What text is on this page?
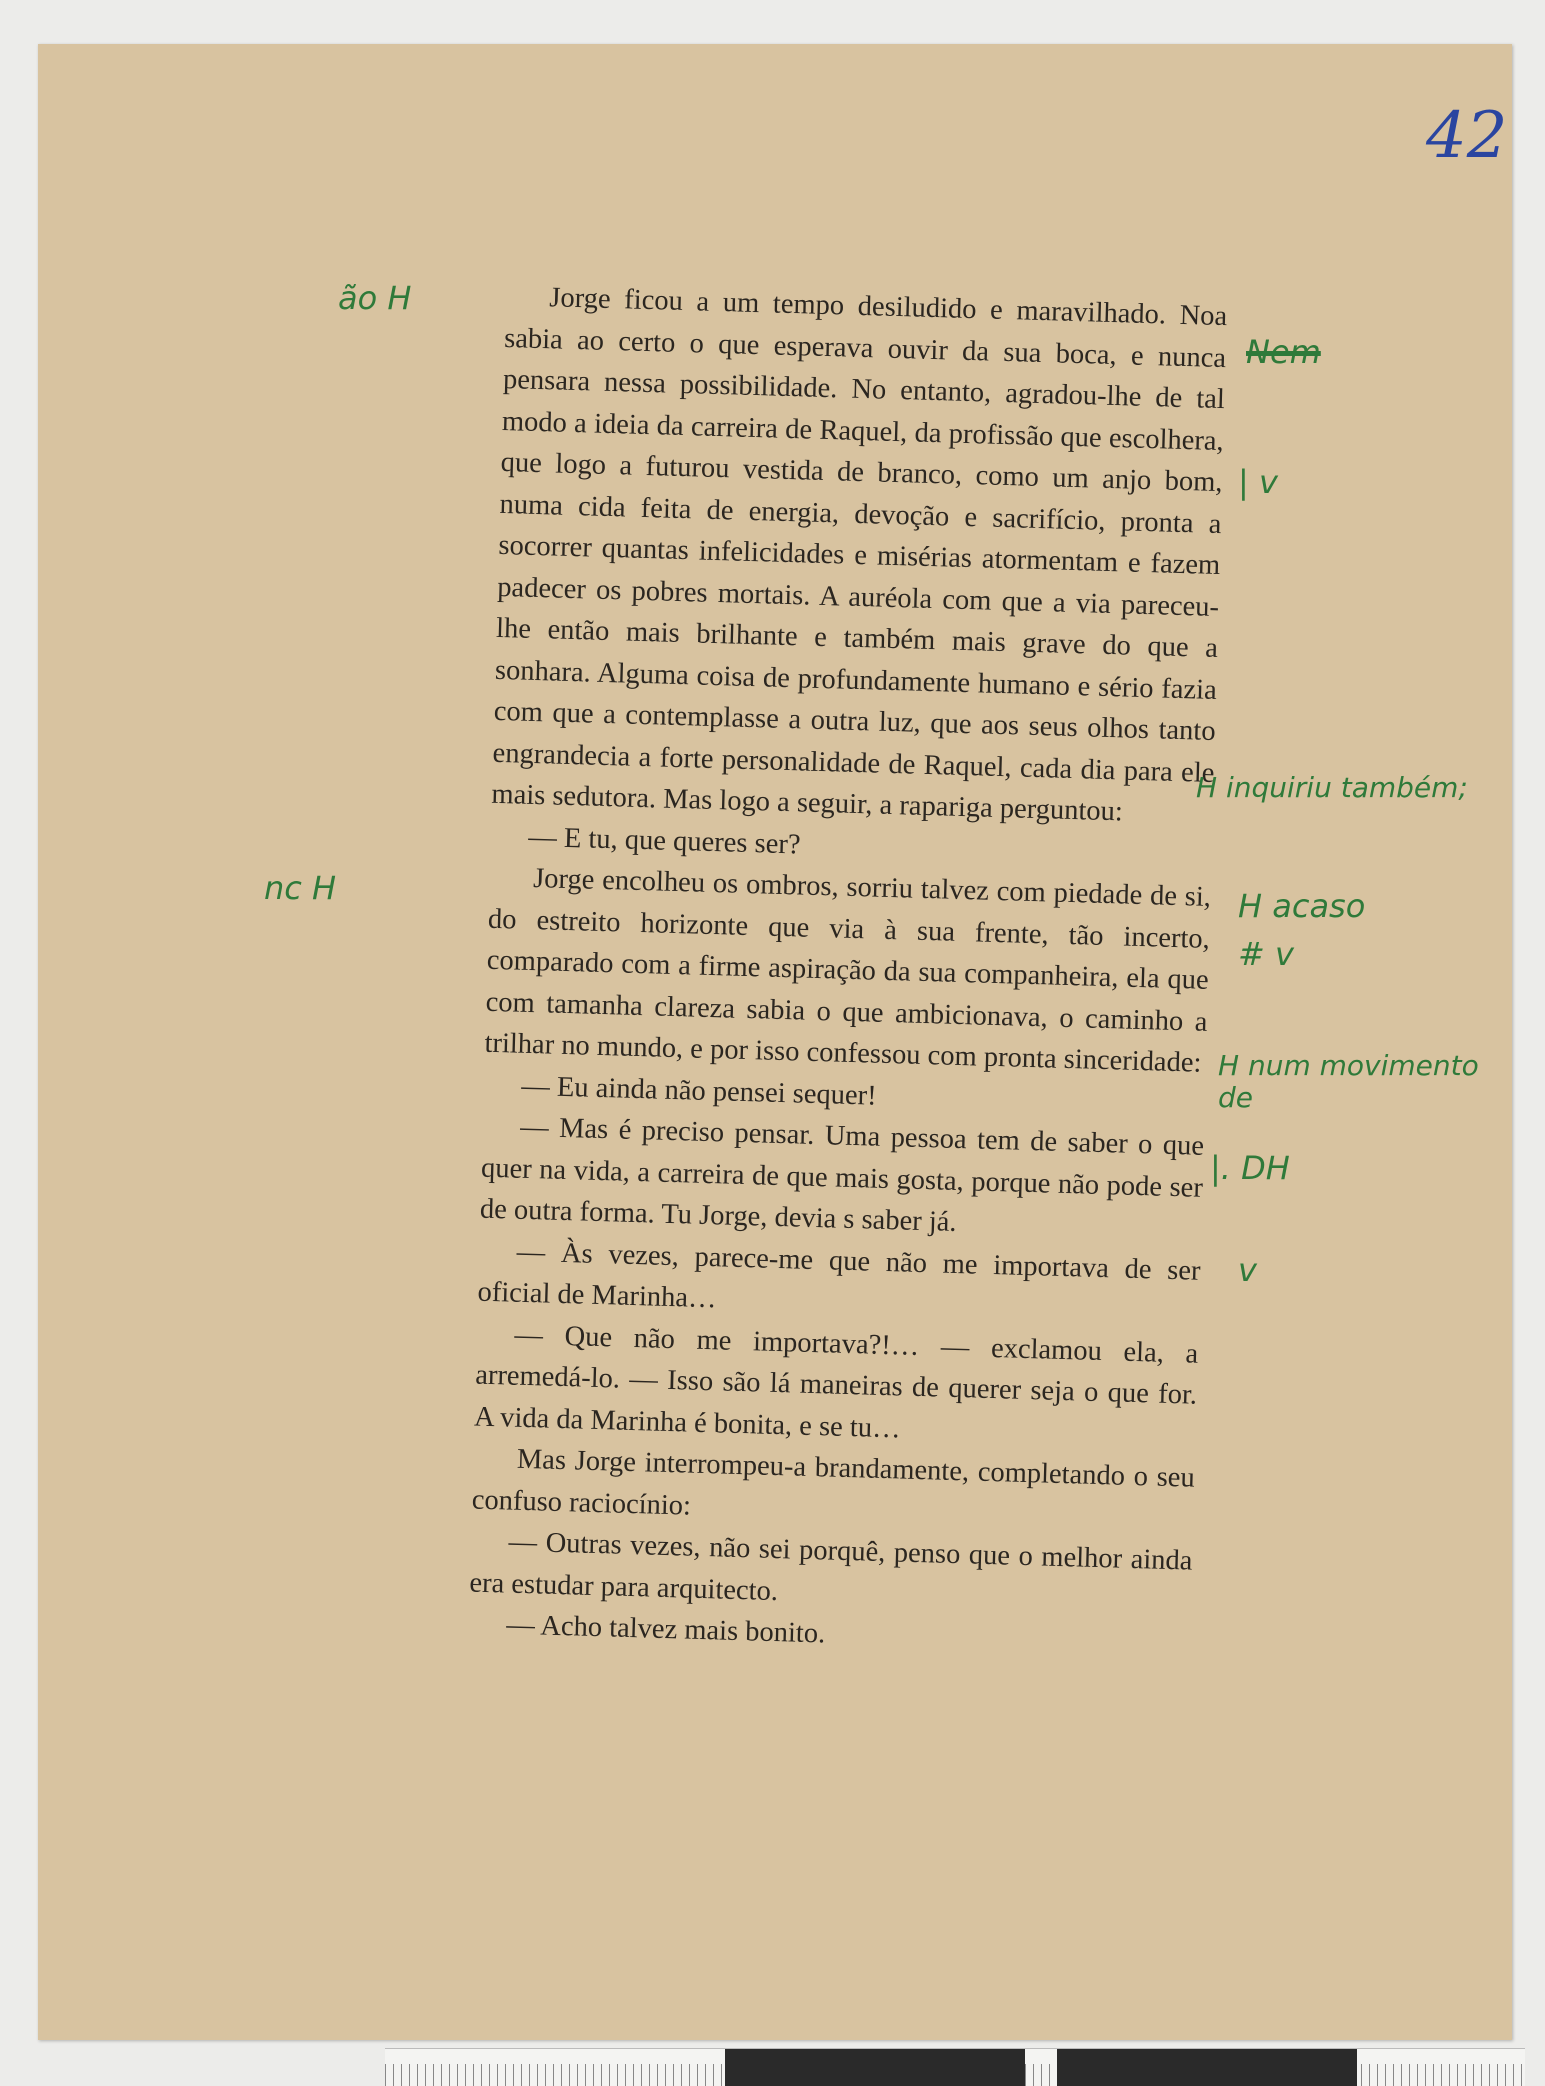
42

Jorge ficou a um tempo desiludido e maravilhado. Noa sabia ao certo o que esperava ouvir da sua boca, e nunca pensara nessa possibilidade. No entanto, agradou-lhe de tal modo a ideia da carreira de Raquel, da profissão que escolhera, que logo a futurou vestida de branco, como um anjo bom, numa cida feita de energia, devoção e sacrifício, pronta a socorrer quantas infelicidades e misérias atormentam e fazem padecer os pobres mortais. A auréola com que a via pareceu-lhe então mais brilhante e também mais grave do que a sonhara. Alguma coisa de profundamente humano e sério fazia com que a contemplasse a outra luz, que aos seus olhos tanto engrandecia a forte personalidade de Raquel, cada dia para ele mais sedutora. Mas logo a seguir, a rapariga perguntou:

— E tu, que queres ser?

Jorge encolheu os ombros, sorriu talvez com piedade de si, do estreito horizonte que via à sua frente, tão incerto, comparado com a firme aspiração da sua companheira, ela que com tamanha clareza sabia o que ambicionava, o caminho a trilhar no mundo, e por isso confessou com pronta sinceridade:

— Eu ainda não pensei sequer!

— Mas é preciso pensar. Uma pessoa tem de saber o que quer na vida, a carreira de que mais gosta, porque não pode ser de outra forma. Tu Jorge, devia s saber já.

— Às vezes, parece-me que não me importava de ser oficial de Marinha…

— Que não me importava?!… — exclamou ela, a arremedá-lo. — Isso são lá maneiras de querer seja o que for. A vida da Marinha é bonita, e se tu…

Mas Jorge interrompeu-a brandamente, completando o seu confuso raciocínio:

— Outras vezes, não sei porquê, penso que o melhor ainda era estudar para arquitecto.

— Acho talvez mais bonito.

ão H
nc H
Nem
| v
H inquiriu também;
H acaso
# v
H num movimento de
|. DH
v
